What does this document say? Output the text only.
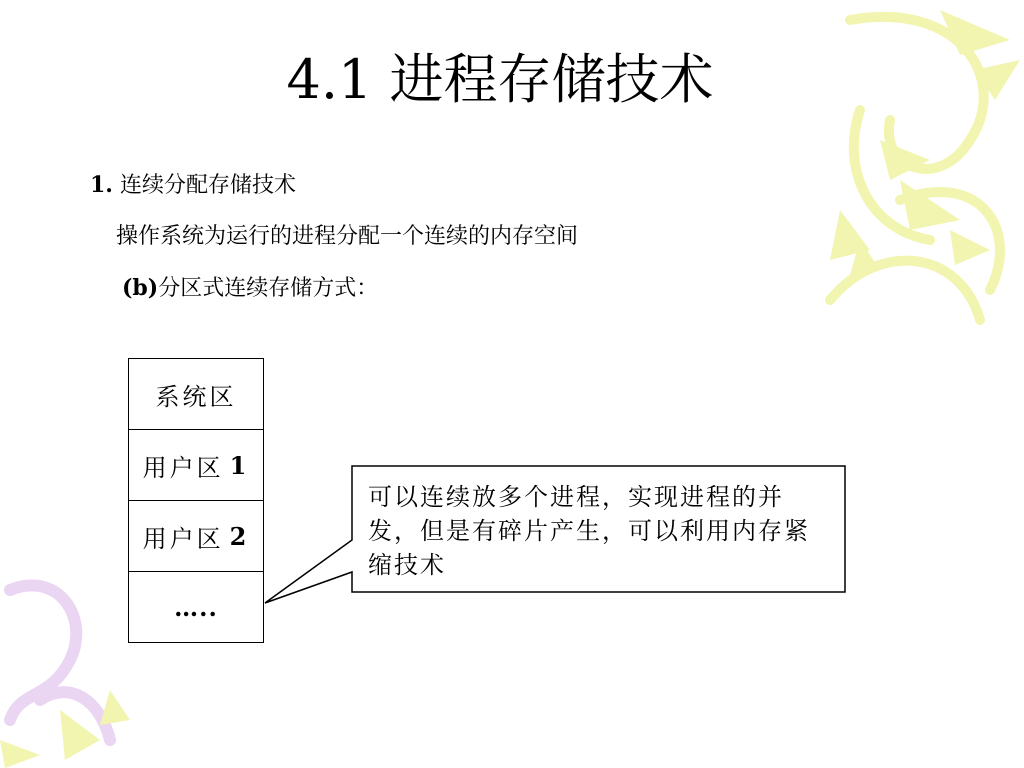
4.1 进程存储技术
1. 连续分配存储技术
操作系统为运行的进程分配一个连续的内存空间
(b)分区式连续存储方式：
系统区
用户区 1
用户区 2
…..
可以连续放多个进程，实现进程的并发，但是有碎片产生，可以利用内存紧缩技术
